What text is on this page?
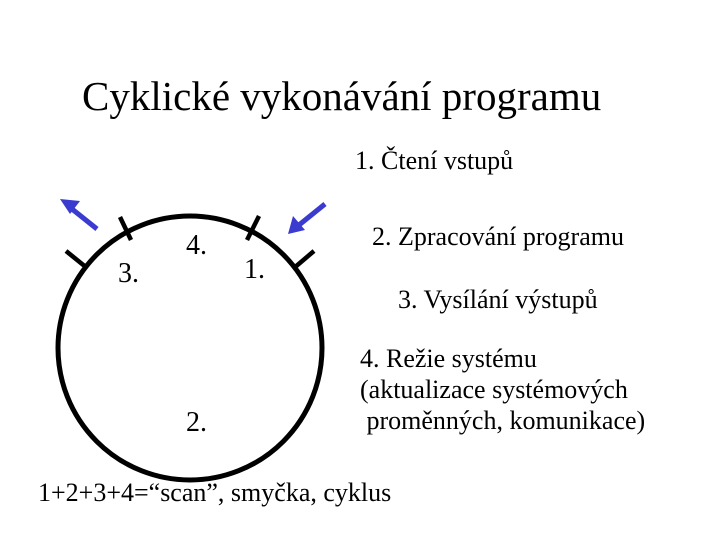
Cyklické vykonávání programu
3.
4.
1.
2.
1. Čtení vstupů
2. Zpracování programu
3. Vysílání výstupů
4. Režie systému
(aktualizace systémových
proměnných, komunikace)
1+2+3+4=“scan”, smyčka, cyklus
